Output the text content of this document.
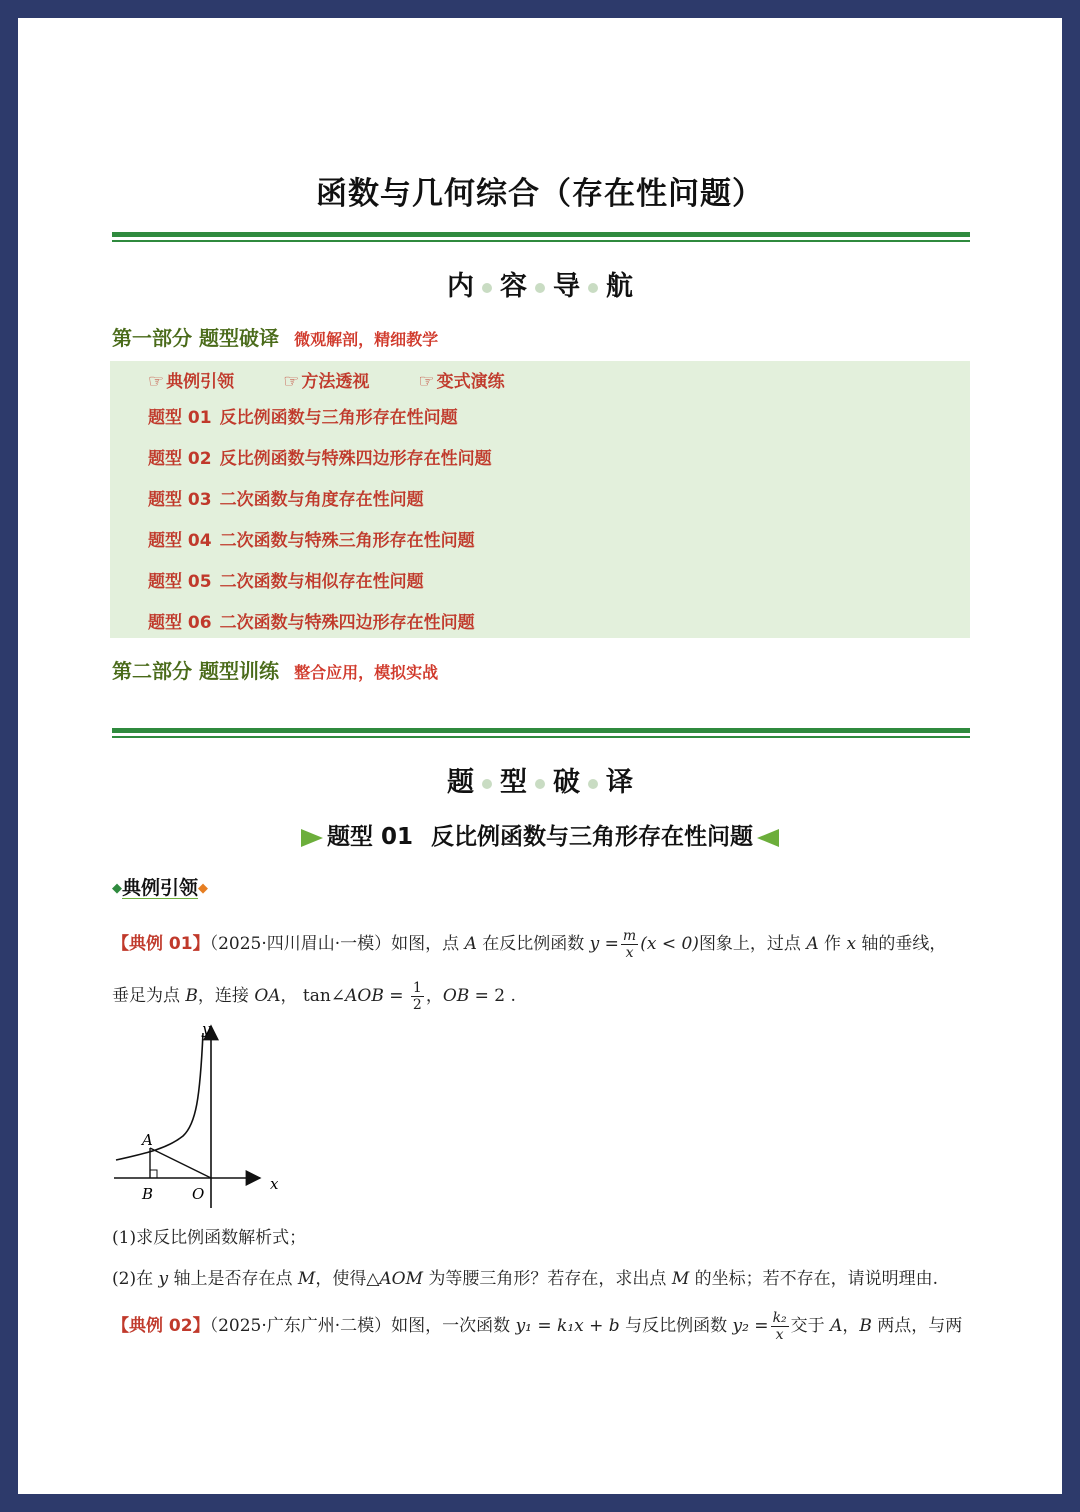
函数与几何综合（存在性问题）
内 容 导 航
第一部分 题型破译 微观解剖，精细教学
☞ 典例引领	☞ 方法透视	☞ 变式演练
题型 01 反比例函数与三角形存在性问题
题型 02 反比例函数与特殊四边形存在性问题
题型 03 二次函数与角度存在性问题
题型 04 二次函数与特殊三角形存在性问题
题型 05 二次函数与相似存在性问题
题型 06 二次函数与特殊四边形存在性问题
第二部分 题型训练 整合应用，模拟实战
题 型 破 译
题型 01 反比例函数与三角形存在性问题
◆典例引领◆
【典例 01】（2025·四川眉山·一模）如图，点 A 在反比例函数 $y = \frac{m}{x} (x < 0)$图象上，过点 A 作 x 轴的垂线，
垂足为点 B，连接 OA， tan∠AOB = $\frac{1}{2}$ ，OB = 2 .
y
x
A
B	O
(1)求反比例函数解析式；
(2)在 y 轴上是否存在点 M，使得△AOM 为等腰三角形？若存在，求出点 M 的坐标；若不存在，请说明理由.
【典例 02】（2025·广东广州·二模）如图，一次函数 y₁ = k₁x + b 与反比例函数 $y_2 = \frac{\text{k₂}}{x}$ 交于 A，B 两点，与两
